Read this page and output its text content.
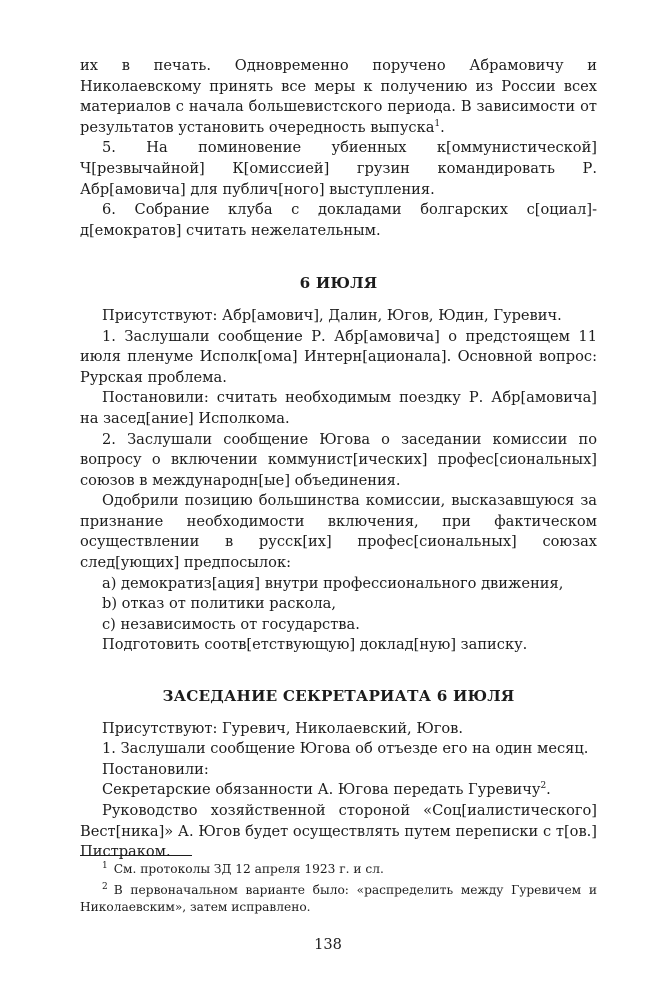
их в печать. Одновременно поручено Абрамовичу и Николаевскому принять все меры к получению из России всех материалов с начала большевистского периода. В зависимости от результатов установить очередность выпуска$^1$.

5. На поминовение убиенных к[оммунистической] Ч[резвычайной] К[омиссией] грузин командировать Р. Абр[амовича] для публич[ного] выступления.

6. Собрание клуба с докладами болгарских с[оциал]-д[емократов] считать нежелательным.

6 ИЮЛЯ

Присутствуют: Абр[амович], Далин, Югов, Юдин, Гуревич.

1. Заслушали сообщение Р. Абр[амовича] о предстоящем 11 июля пленуме Исполк[ома] Интерн[ационала]. Основной вопрос: Рурская проблема.

Постановили: считать необходимым поездку Р. Абр[амовича] на засед[ание] Исполкома.

2. Заслушали сообщение Югова о заседании комиссии по вопросу о включении коммунист[ических] профес[сиональных] союзов в международн[ые] объединения.

Одобрили позицию большинства комиссии, высказавшуюся за признание необходимости включения, при фактическом осуществлении в русск[их] профес[сиональных] союзах след[ующих] предпосылок:

а) демократиз[ация] внутри профессионального движения,

b) отказ от политики раскола,

c) независимость от государства.

Подготовить соотв[етствующую] доклад[ную] записку.

ЗАСЕДАНИЕ СЕКРЕТАРИАТА 6 ИЮЛЯ

Присутствуют: Гуревич, Николаевский, Югов.

1. Заслушали сообщение Югова об отъезде его на один месяц.

Постановили:

Секретарские обязанности А. Югова передать Гуревичу$^2$.

Руководство хозяйственной стороной «Соц[иалистического] Вест[ника]» А. Югов будет осуществлять путем переписки с т[ов.] Пистраком.

$^1$ См. протоколы ЗД 12 апреля 1923 г. и сл.

$^2$ В первоначальном варианте было: «распределить между Гуревичем и Николаевским», затем исправлено.

138
